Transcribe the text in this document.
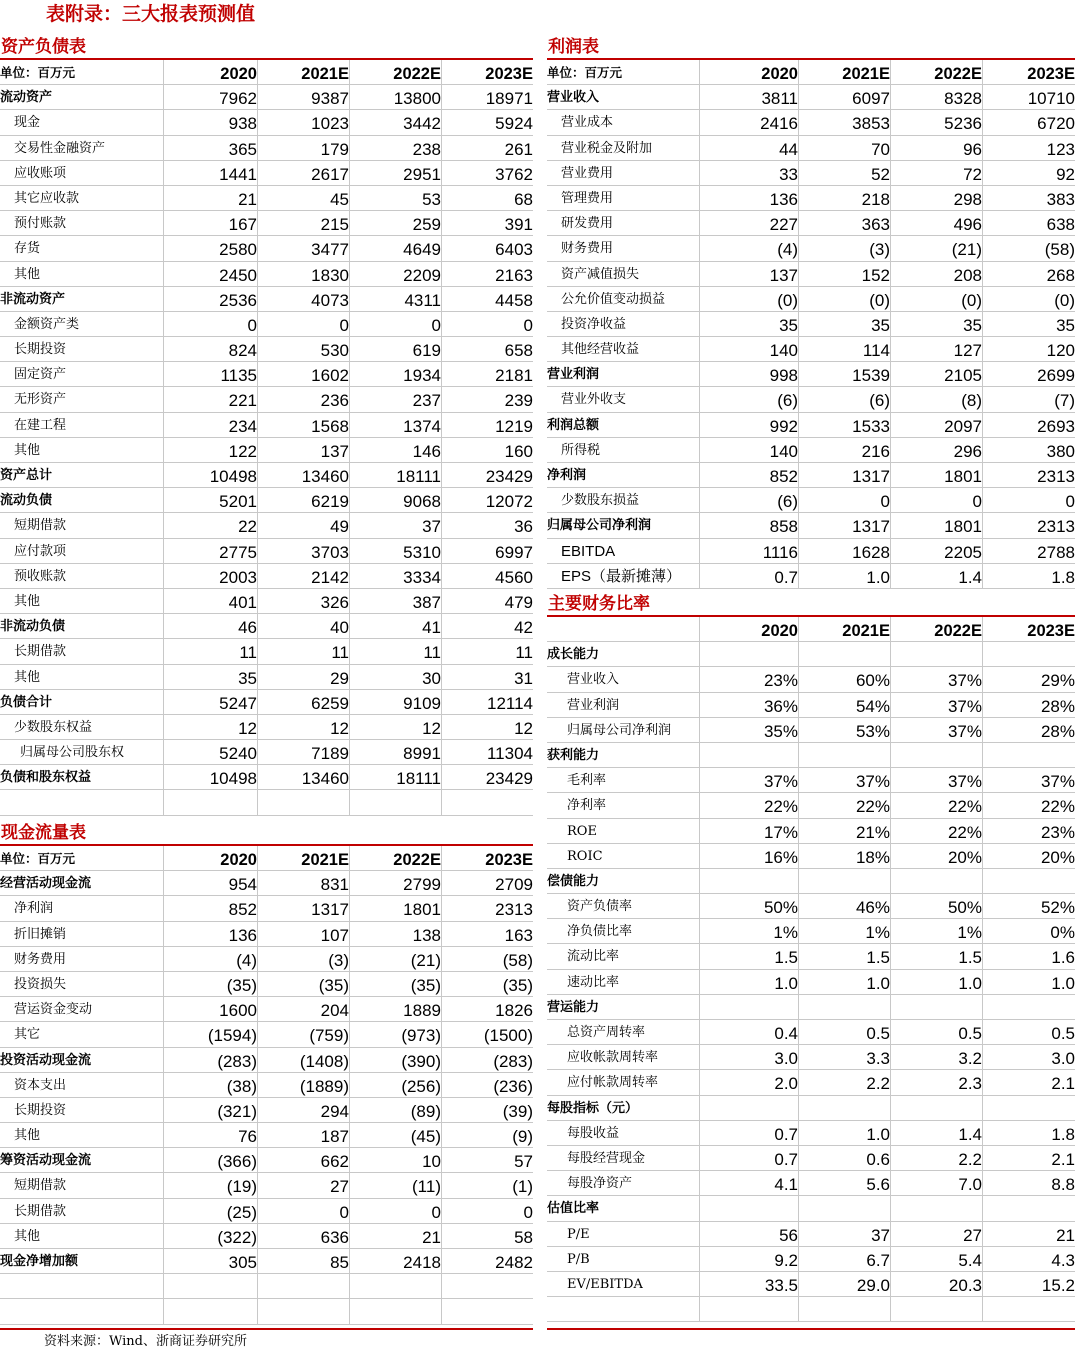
表附录：三大报表预测值
资产负债表
单位：百万元	2020	2021E	2022E	2023E
流动资产	7962	9387	13800	18971
现金	938	1023	3442	5924
交易性金融资产	365	179	238	261
应收账项	1441	2617	2951	3762
其它应收款	21	45	53	68
预付账款	167	215	259	391
存货	2580	3477	4649	6403
其他	2450	1830	2209	2163
非流动资产	2536	4073	4311	4458
金额资产类	0	0	0	0
长期投资	824	530	619	658
固定资产	1135	1602	1934	2181
无形资产	221	236	237	239
在建工程	234	1568	1374	1219
其他	122	137	146	160
资产总计	10498	13460	18111	23429
流动负债	5201	6219	9068	12072
短期借款	22	49	37	36
应付款项	2775	3703	5310	6997
预收账款	2003	2142	3334	4560
其他	401	326	387	479
非流动负债	46	40	41	42
长期借款	11	11	11	11
其他	35	29	30	31
负债合计	5247	6259	9109	12114
少数股东权益	12	12	12	12
归属母公司股东权	5240	7189	8991	11304
负债和股东权益	10498	13460	18111	23429
现金流量表
单位：百万元	2020	2021E	2022E	2023E
经营活动现金流	954	831	2799	2709
净利润	852	1317	1801	2313
折旧摊销	136	107	138	163
财务费用	(4)	(3)	(21)	(58)
投资损失	(35)	(35)	(35)	(35)
营运资金变动	1600	204	1889	1826
其它	(1594)	(759)	(973)	(1500)
投资活动现金流	(283)	(1408)	(390)	(283)
资本支出	(38)	(1889)	(256)	(236)
长期投资	(321)	294	(89)	(39)
其他	76	187	(45)	(9)
筹资活动现金流	(366)	662	10	57
短期借款	(19)	27	(11)	(1)
长期借款	(25)	0	0	0
其他	(322)	636	21	58
现金净增加额	305	85	2418	2482
利润表
单位：百万元	2020	2021E	2022E	2023E
营业收入	3811	6097	8328	10710
营业成本	2416	3853	5236	6720
营业税金及附加	44	70	96	123
营业费用	33	52	72	92
管理费用	136	218	298	383
研发费用	227	363	496	638
财务费用	(4)	(3)	(21)	(58)
资产减值损失	137	152	208	268
公允价值变动损益	(0)	(0)	(0)	(0)
投资净收益	35	35	35	35
其他经营收益	140	114	127	120
营业利润	998	1539	2105	2699
营业外收支	(6)	(6)	(8)	(7)
利润总额	992	1533	2097	2693
所得税	140	216	296	380
净利润	852	1317	1801	2313
少数股东损益	(6)	0	0	0
归属母公司净利润	858	1317	1801	2313
EBITDA	1116	1628	2205	2788
EPS（最新摊薄）	0.7	1.0	1.4	1.8
主要财务比率
2020	2021E	2022E	2023E
成长能力
营业收入	23%	60%	37%	29%
营业利润	36%	54%	37%	28%
归属母公司净利润	35%	53%	37%	28%
获利能力
毛利率	37%	37%	37%	37%
净利率	22%	22%	22%	22%
ROE	17%	21%	22%	23%
ROIC	16%	18%	20%	20%
偿债能力
资产负债率	50%	46%	50%	52%
净负债比率	1%	1%	1%	0%
流动比率	1.5	1.5	1.5	1.6
速动比率	1.0	1.0	1.0	1.0
营运能力
总资产周转率	0.4	0.5	0.5	0.5
应收帐款周转率	3.0	3.3	3.2	3.0
应付帐款周转率	2.0	2.2	2.3	2.1
每股指标（元）
每股收益	0.7	1.0	1.4	1.8
每股经营现金	0.7	0.6	2.2	2.1
每股净资产	4.1	5.6	7.0	8.8
估值比率
P/E	56	37	27	21
P/B	9.2	6.7	5.4	4.3
EV/EBITDA	33.5	29.0	20.3	15.2
资料来源：Wind、浙商证券研究所
